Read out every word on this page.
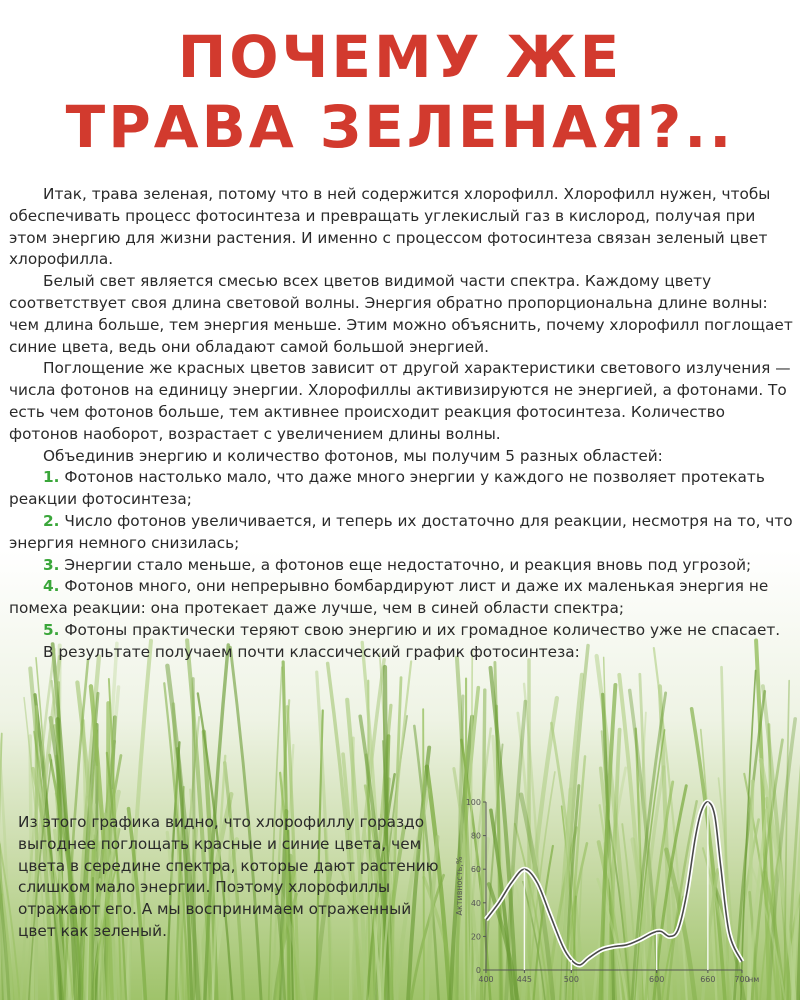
ПОЧЕМУ ЖЕ
ТРАВА ЗЕЛЕНАЯ?..

Итак, трава зеленая, потому что в ней содержится хлорофилл. Хлорофилл нужен, чтобы обеспечивать процесс фотосинтеза и превращать углекислый газ в кислород, получая при этом энергию для жизни растения. И именно с процессом фотосинтеза связан зеленый цвет хлорофилла.

Белый свет является смесью всех цветов видимой части спектра. Каждому цвету соответствует своя длина световой волны. Энергия обратно пропорциональна длине волны: чем длина больше, тем энергия меньше. Этим можно объяснить, почему хлорофилл поглощает синие цвета, ведь они обладают самой большой энергией.

Поглощение же красных цветов зависит от другой характеристики светового излучения — числа фотонов на единицу энергии. Хлорофиллы активизируются не энергией, а фотонами. То есть чем фотонов больше, тем активнее происходит реакция фотосинтеза. Количество фотонов наоборот, возрастает с увеличением длины волны.

Объединив энергию и количество фотонов, мы получим 5 разных областей:

1. Фотонов настолько мало, что даже много энергии у каждого не позволяет протекать реакции фотосинтеза;

2. Число фотонов увеличивается, и теперь их достаточно для реакции, несмотря на то, что энергия немного снизилась;

3. Энергии стало меньше, а фотонов еще недостаточно, и реакция вновь под угрозой;

4. Фотонов много, они непрерывно бомбардируют лист и даже их маленькая энергия не помеха реакции: она протекает даже лучше, чем в синей области спектра;

5. Фотоны практически теряют свою энергию и их громадное количество уже не спасает.

В результате получаем почти классический график фотосинтеза:

Из этого графика видно, что хлорофиллу гораздо выгоднее поглощать красные и синие цвета, чем цвета в середине спектра, которые дают растению слишком мало энергии. Поэтому хлорофиллы отражают его. А мы воспринимаем отраженный цвет как зеленый.

0
20
40
60
80
100
Активность,%
400	445	500	600	660 700
нм
